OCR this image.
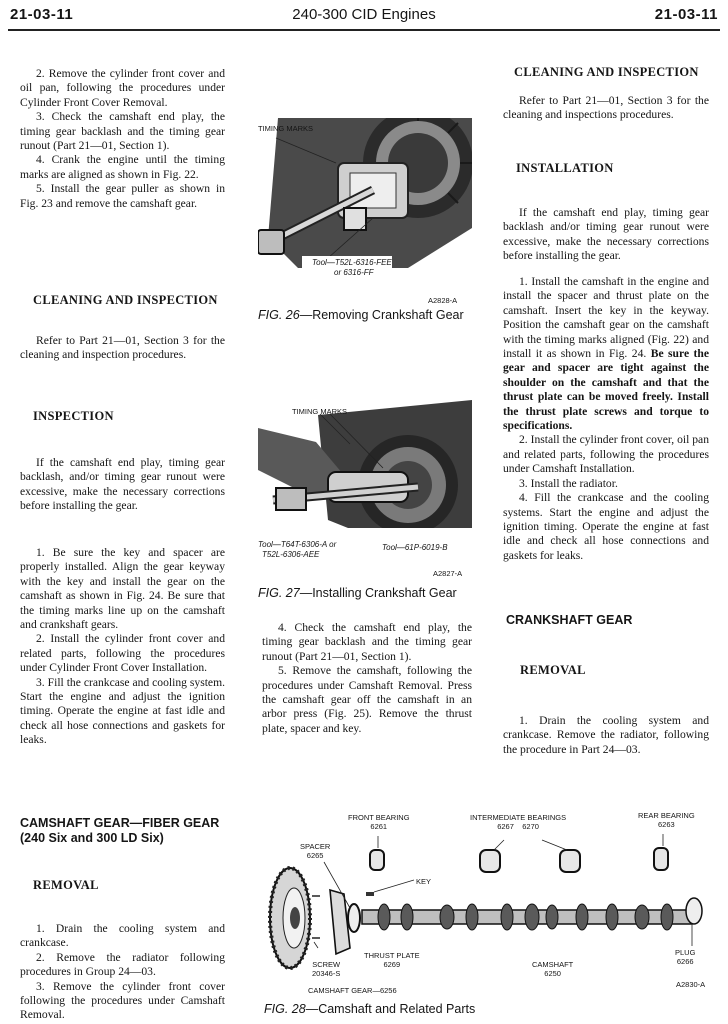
21-03-11	240-300 CID Engines	21-03-11

2. Remove the cylinder front cover and oil pan, following the procedures under Cylinder Front Cover Removal.

3. Check the camshaft end play, the timing gear backlash and the timing gear runout (Part 21—01, Section 1).

4. Crank the engine until the timing marks are aligned as shown in Fig. 22.

5. Install the gear puller as shown in Fig. 23 and remove the camshaft gear.

CLEANING AND INSPECTION

Refer to Part 21—01, Section 3 for the cleaning and inspection procedures.

INSPECTION

If the camshaft end play, timing gear backlash, and/or timing gear runout were excessive, make the necessary corrections before installing the gear.

1. Be sure the key and spacer are properly installed. Align the gear keyway with the key and install the gear on the camshaft as shown in Fig. 24. Be sure that the timing marks line up on the camshaft and crankshaft gears.

2. Install the cylinder front cover and related parts, following the procedures under Cylinder Front Cover Installation.

3. Fill the crankcase and cooling system. Start the engine and adjust the ignition timing. Operate the engine at fast idle and check all hose connections and gaskets for leaks.

CAMSHAFT GEAR—FIBER GEAR
(240 Six and 300 LD Six)
REMOVAL

1. Drain the cooling system and crankcase.

2. Remove the radiator following procedures in Group 24—03.

3. Remove the cylinder front cover following the procedures under Camshaft Removal.

TIMING MARKS
Tool—T52L-6316-FEE
or 6316-FF
A2828-A
FIG. 26—Removing Crankshaft Gear
TIMING MARKS
Tool—T64T-6306-A or
T52L-6306-AEE
Tool—61P-6019-B
A2827-A
FIG. 27—Installing Crankshaft Gear

4. Check the camshaft end play, the timing gear backlash and the timing gear runout (Part 21—01, Section 1).

5. Remove the camshaft, following the procedures under Camshaft Removal. Press the camshaft gear off the camshaft in an arbor press (Fig. 25). Remove the thrust plate, spacer and key.

CLEANING AND INSPECTION

Refer to Part 21—01, Section 3 for the cleaning and inspections procedures.

INSTALLATION

If the camshaft end play, timing gear backlash and/or timing gear runout were excessive, make the necessary corrections before installing the gear.

1. Install the camshaft in the engine and install the spacer and thrust plate on the camshaft. Insert the key in the keyway. Position the camshaft gear on the camshaft with the timing marks aligned (Fig. 22) and install it as shown in Fig. 24. Be sure the gear and spacer are tight against the shoulder on the camshaft and that the thrust plate can be moved freely. Install the thrust plate screws and torque to specifications.

2. Install the cylinder front cover, oil pan and related parts, following the procedures under Camshaft Installation.

3. Install the radiator.

4. Fill the crankcase and the cooling systems. Start the engine and adjust the ignition timing. Operate the engine at fast idle and check all hose connections and gaskets for leaks.

CRANKSHAFT GEAR
REMOVAL

1. Drain the cooling system and crankcase. Remove the radiator, following the procedure in Part 24—03.

FRONT BEARING
6261
INTERMEDIATE BEARINGS
6267 6270
REAR BEARING
6263
SPACER
6265
KEY
SCREW
20346-S
THRUST PLATE
6269	CAMSHAFT
6250
PLUG
6266
CAMSHAFT GEAR—6256
A2830-A
FIG. 28—Camshaft and Related Parts
